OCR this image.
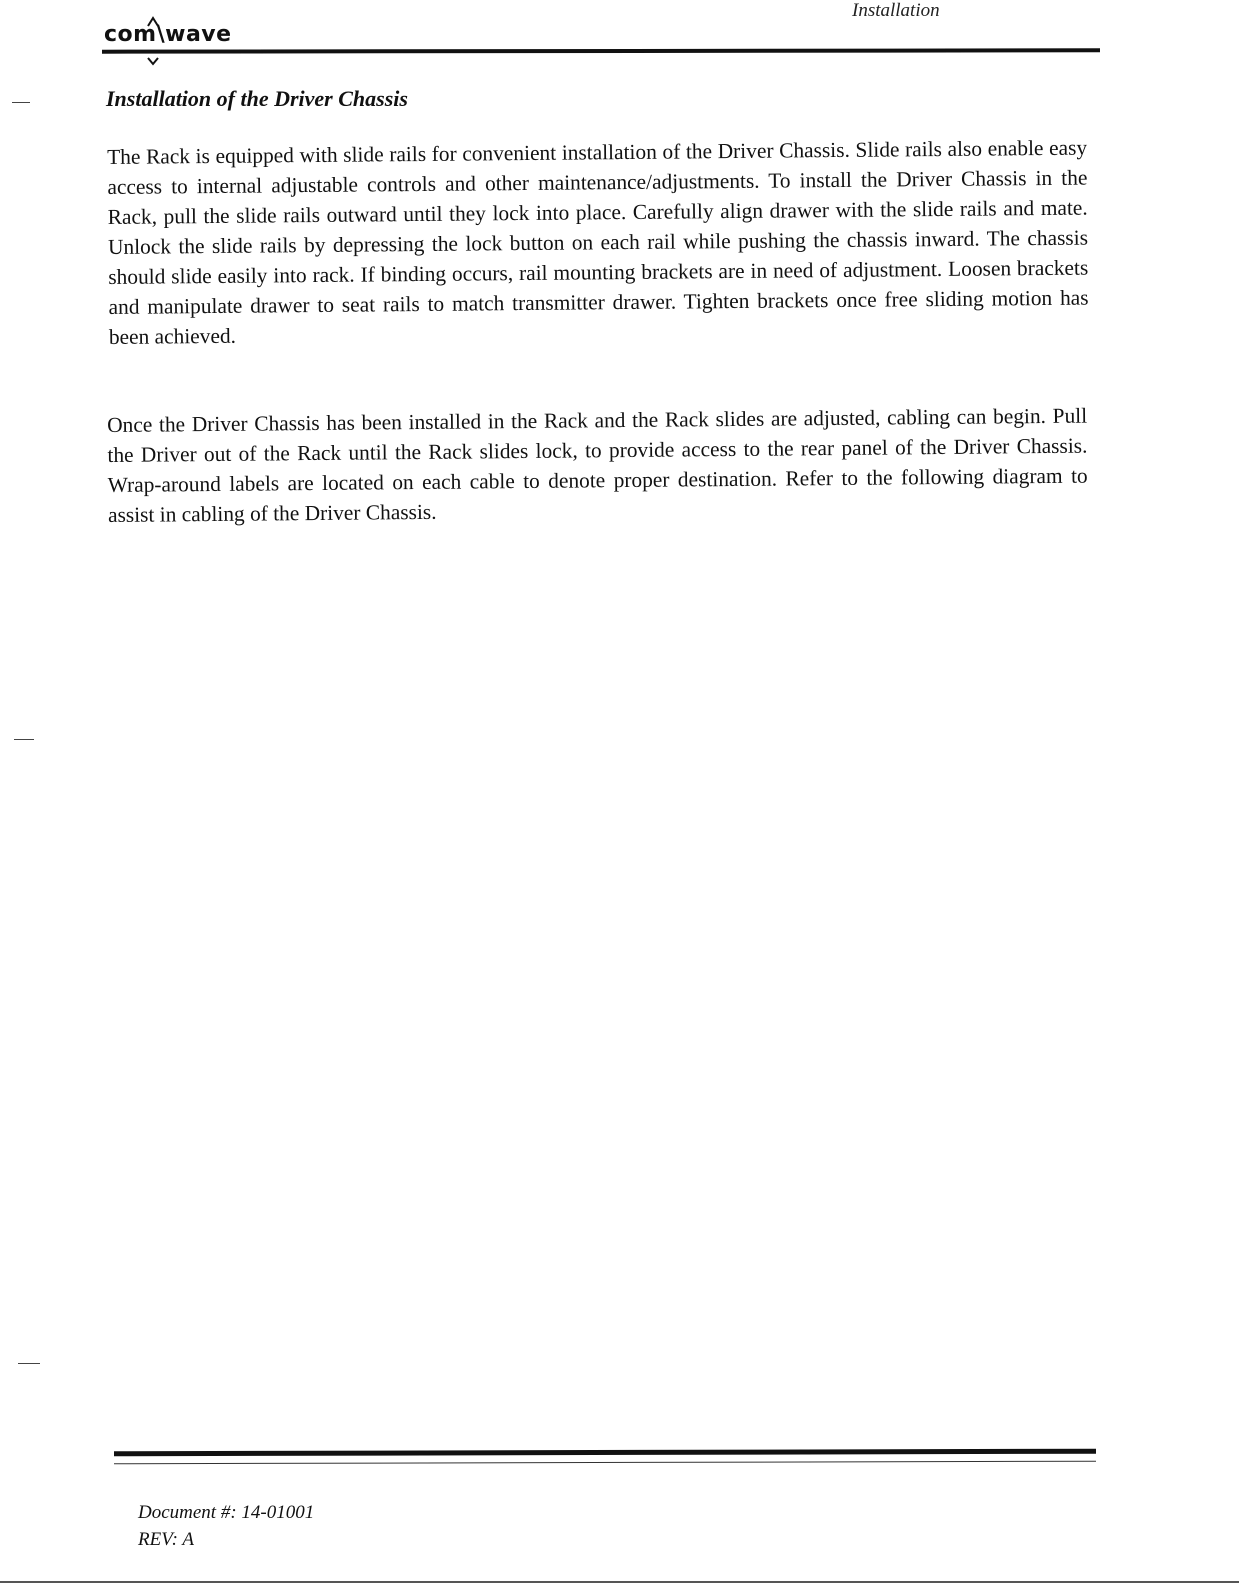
Installation
com\wave
Installation of the Driver Chassis

The Rack is equipped with slide rails for convenient installation of the Driver Chassis. Slide rails also enable easy access to internal adjustable controls and other maintenance/adjustments. To install the Driver Chassis in the Rack, pull the slide rails outward until they lock into place. Carefully align drawer with the slide rails and mate. Unlock the slide rails by depressing the lock button on each rail while pushing the chassis inward. The chassis should slide easily into rack. If binding occurs, rail mounting brackets are in need of adjustment. Loosen brackets and manipulate drawer to seat rails to match transmitter drawer. Tighten brackets once free sliding motion has been achieved.

Once the Driver Chassis has been installed in the Rack and the Rack slides are adjusted, cabling can begin. Pull the Driver out of the Rack until the Rack slides lock, to provide access to the rear panel of the Driver Chassis. Wrap-around labels are located on each cable to denote proper destination. Refer to the following diagram to assist in cabling of the Driver Chassis.

Document #: 14-01001
REV: A
